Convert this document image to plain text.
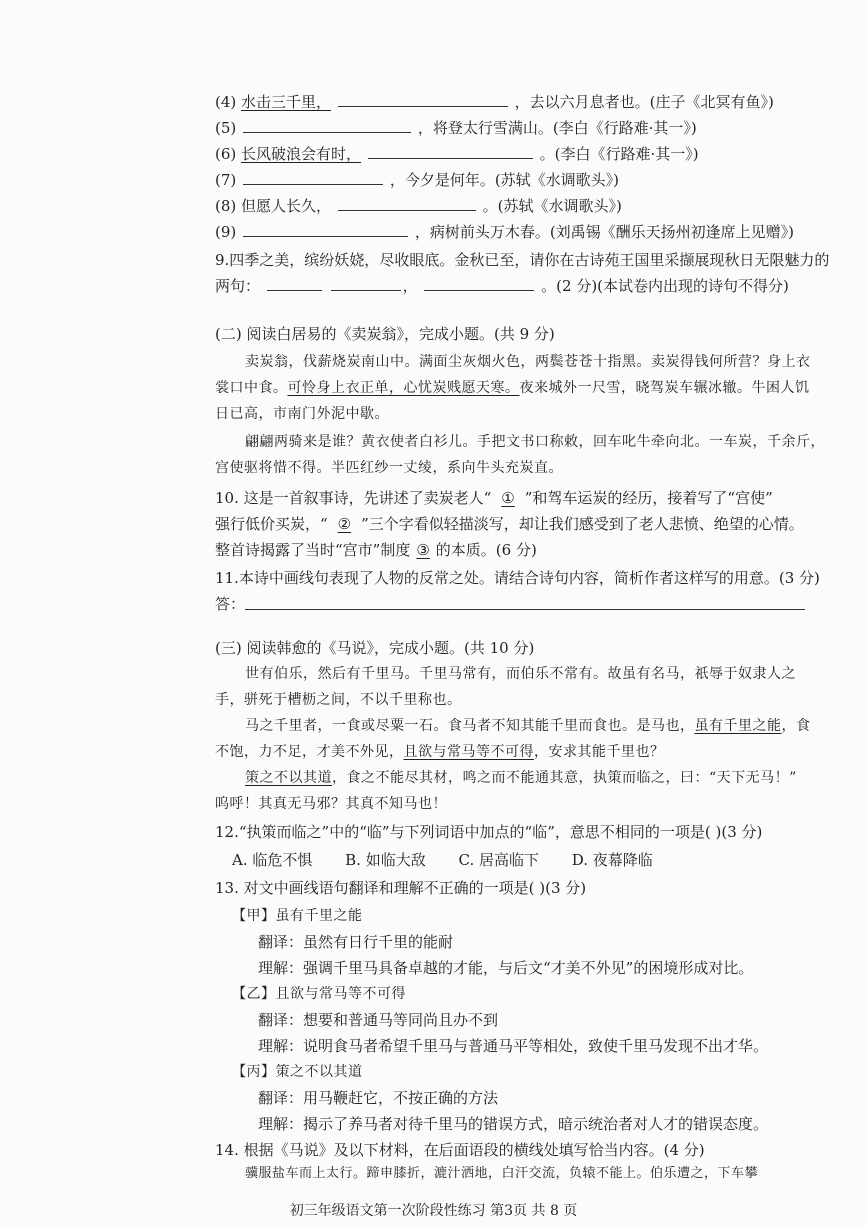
(4) 水击三千里，	，去以六月息者也。(庄子《北冥有鱼》)
(5)	，将登太行雪满山。(李白《行路难·其一》)
(6) 长风破浪会有时，	。(李白《行路难·其一》)
(7)	，今夕是何年。(苏轼《水调歌头》)
(8) 但愿人长久，	。(苏轼《水调歌头》)
(9)	，病树前头万木春。(刘禹锡《酬乐天扬州初逢席上见赠》)
9.四季之美，缤纷妖娆，尽收眼底。金秋已至，请你在古诗苑王国里采撷展现秋日无限魅力的
两句：	，	。(2 分)(本试卷内出现的诗句不得分)
(二) 阅读白居易的《卖炭翁》，完成小题。(共 9 分)
卖炭翁，伐薪烧炭南山中。满面尘灰烟火色，两鬓苍苍十指黑。卖炭得钱何所营？身上衣
裳口中食。可怜身上衣正单，心忧炭贱愿天寒。夜来城外一尺雪，晓驾炭车辗冰辙。牛困人饥
日已高，市南门外泥中歇。
翩翩两骑来是谁？黄衣使者白衫儿。手把文书口称敕，回车叱牛牵向北。一车炭，千余斤，
宫使驱将惜不得。半匹红纱一丈绫，系向牛头充炭直。
10. 这是一首叙事诗，先讲述了卖炭老人“ ① ”和驾车运炭的经历，接着写了“宫使”
强行低价买炭，“ ② ”三个字看似轻描淡写，却让我们感受到了老人悲愤、绝望的心情。
整首诗揭露了当时“宫市”制度 ③ 的本质。(6 分)
11.本诗中画线句表现了人物的反常之处。请结合诗句内容，简析作者这样写的用意。(3 分)
答：
(三) 阅读韩愈的《马说》，完成小题。(共 10 分)
世有伯乐，然后有千里马。千里马常有，而伯乐不常有。故虽有名马，祇辱于奴隶人之
手，骈死于槽枥之间，不以千里称也。
马之千里者，一食或尽粟一石。食马者不知其能千里而食也。是马也，虽有千里之能，食
不饱，力不足，才美不外见，且欲与常马等不可得，安求其能千里也？
策之不以其道，食之不能尽其材，鸣之而不能通其意，执策而临之，曰：“天下无马！”
呜呼！其真无马邪？其真不知马也！
12.“执策而临之”中的“临”与下列词语中加点的“临”，意思不相同的一项是( )(3 分)
A. 临危不惧 B. 如临大敌 C. 居高临下 D. 夜幕降临
13. 对文中画线语句翻译和理解不正确的一项是( )(3 分)
【甲】虽有千里之能
翻译：虽然有日行千里的能耐
理解：强调千里马具备卓越的才能，与后文“才美不外见”的困境形成对比。
【乙】且欲与常马等不可得
翻译：想要和普通马等同尚且办不到
理解：说明食马者希望千里马与普通马平等相处，致使千里马发现不出才华。
【丙】策之不以其道
翻译：用马鞭赶它，不按正确的方法
理解：揭示了养马者对待千里马的错误方式，暗示统治者对人才的错误态度。
14. 根据《马说》及以下材料，在后面语段的横线处填写恰当内容。(4 分)
骥服盐车而上太行。蹄申膝折，漉汁洒地，白汗交流，负辕不能上。伯乐遭之，下车攀
初三年级语文第一次阶段性练习 第3页 共 8 页
